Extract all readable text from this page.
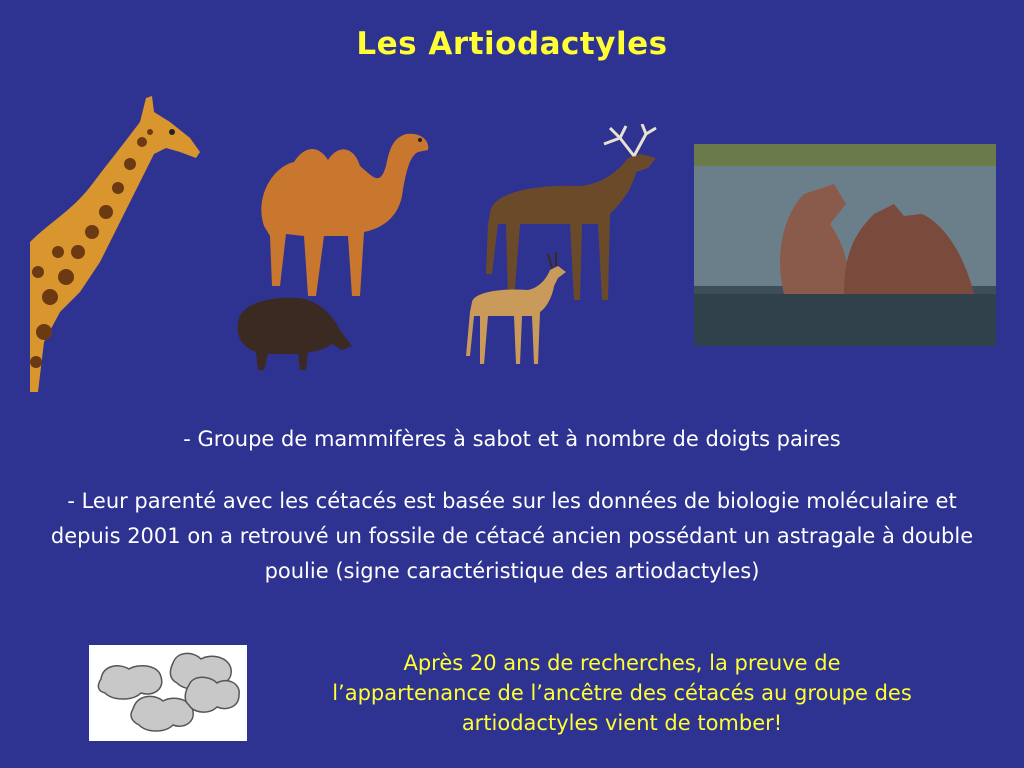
Les Artiodactyles
- Groupe de mammifères à sabot et à nombre de doigts paires
- Leur parenté avec les cétacés est basée sur les données de biologie moléculaire et depuis 2001 on a retrouvé un fossile de cétacé ancien possédant un astragale à double poulie (signe caractéristique des artiodactyles)
Après 20 ans de recherches, la preuve de l’appartenance de l’ancêtre des cétacés au groupe des artiodactyles vient de tomber!
